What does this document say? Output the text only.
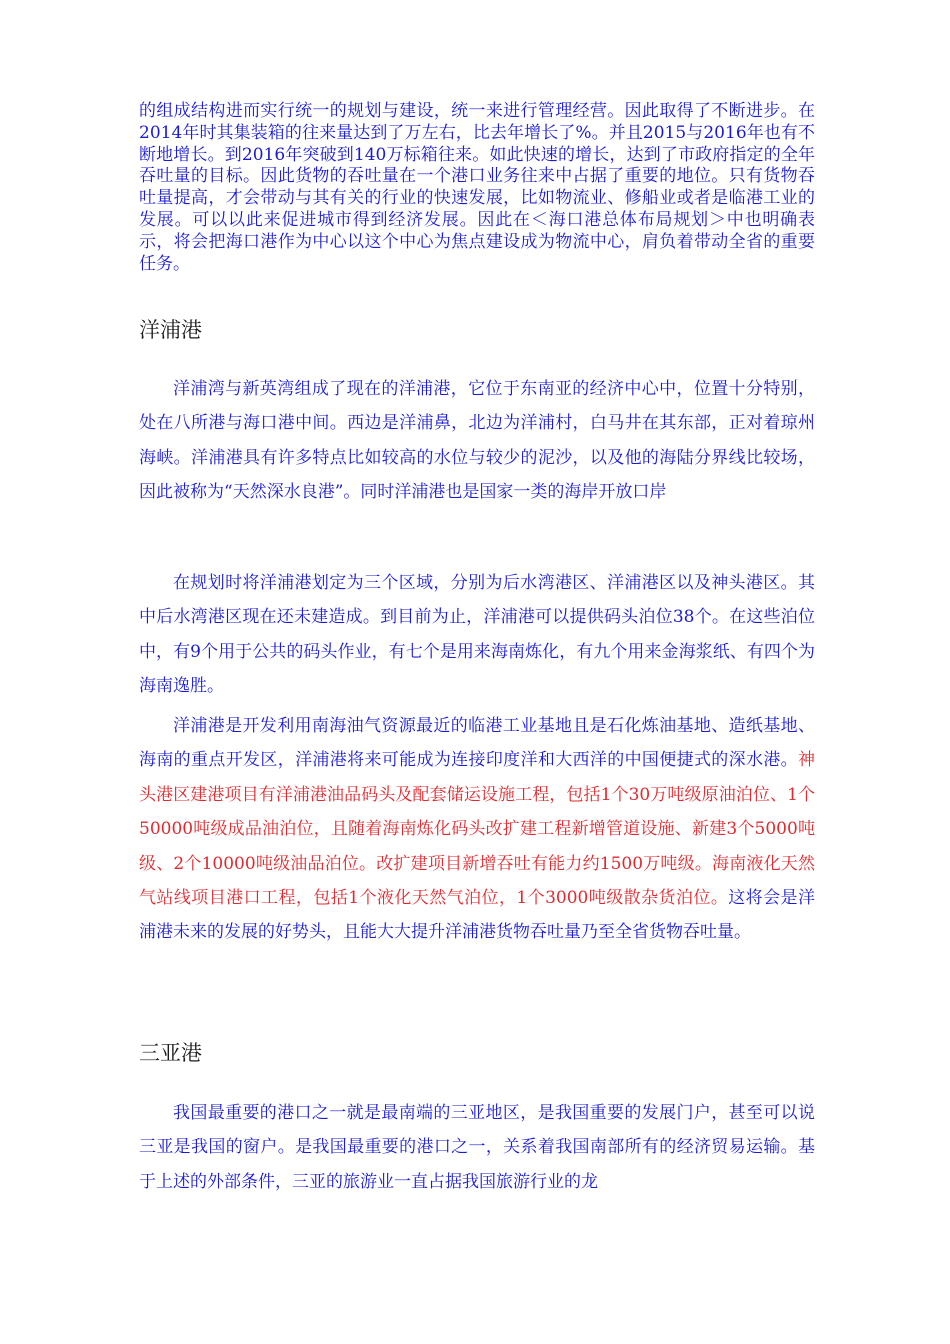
的组成结构进而实行统一的规划与建设，统一来进行管理经营。因此取得了不断进步。在2014年时其集装箱的往来量达到了万左右，比去年增长了%。并且2015与2016年也有不断地增长。到2016年突破到140万标箱往来。如此快速的增长，达到了市政府指定的全年吞吐量的目标。因此货物的吞吐量在一个港口业务往来中占据了重要的地位。只有货物吞吐量提高，才会带动与其有关的行业的快速发展，比如物流业、修船业或者是临港工业的发展。可以以此来促进城市得到经济发展。因此在＜海口港总体布局规划＞中也明确表示，将会把海口港作为中心以这个中心为焦点建设成为物流中心，肩负着带动全省的重要任务。

洋浦港

洋浦湾与新英湾组成了现在的洋浦港，它位于东南亚的经济中心中，位置十分特别，处在八所港与海口港中间。西边是洋浦鼻，北边为洋浦村，白马井在其东部，正对着琼州海峡。洋浦港具有许多特点比如较高的水位与较少的泥沙，以及他的海陆分界线比较场，因此被称为“天然深水良港”。同时洋浦港也是国家一类的海岸开放口岸

在规划时将洋浦港划定为三个区域，分别为后水湾港区、洋浦港区以及神头港区。其中后水湾港区现在还未建造成。到目前为止，洋浦港可以提供码头泊位38个。在这些泊位中，有9个用于公共的码头作业，有七个是用来海南炼化，有九个用来金海浆纸、有四个为海南逸胜。

洋浦港是开发利用南海油气资源最近的临港工业基地且是石化炼油基地、造纸基地、海南的重点开发区，洋浦港将来可能成为连接印度洋和大西洋的中国便捷式的深水港。神头港区建港项目有洋浦港油品码头及配套储运设施工程，包括1个30万吨级原油泊位、1个50000吨级成品油泊位，且随着海南炼化码头改扩建工程新增管道设施、新建3个5000吨级、2个10000吨级油品泊位。改扩建项目新增吞吐有能力约1500万吨级。海南液化天然气站线项目港口工程，包括1个液化天然气泊位，1个3000吨级散杂货泊位。这将会是洋浦港未来的发展的好势头，且能大大提升洋浦港货物吞吐量乃至全省货物吞吐量。

三亚港

我国最重要的港口之一就是最南端的三亚地区，是我国重要的发展门户，甚至可以说三亚是我国的窗户。是我国最重要的港口之一，关系着我国南部所有的经济贸易运输。基于上述的外部条件，三亚的旅游业一直占据我国旅游行业的龙
